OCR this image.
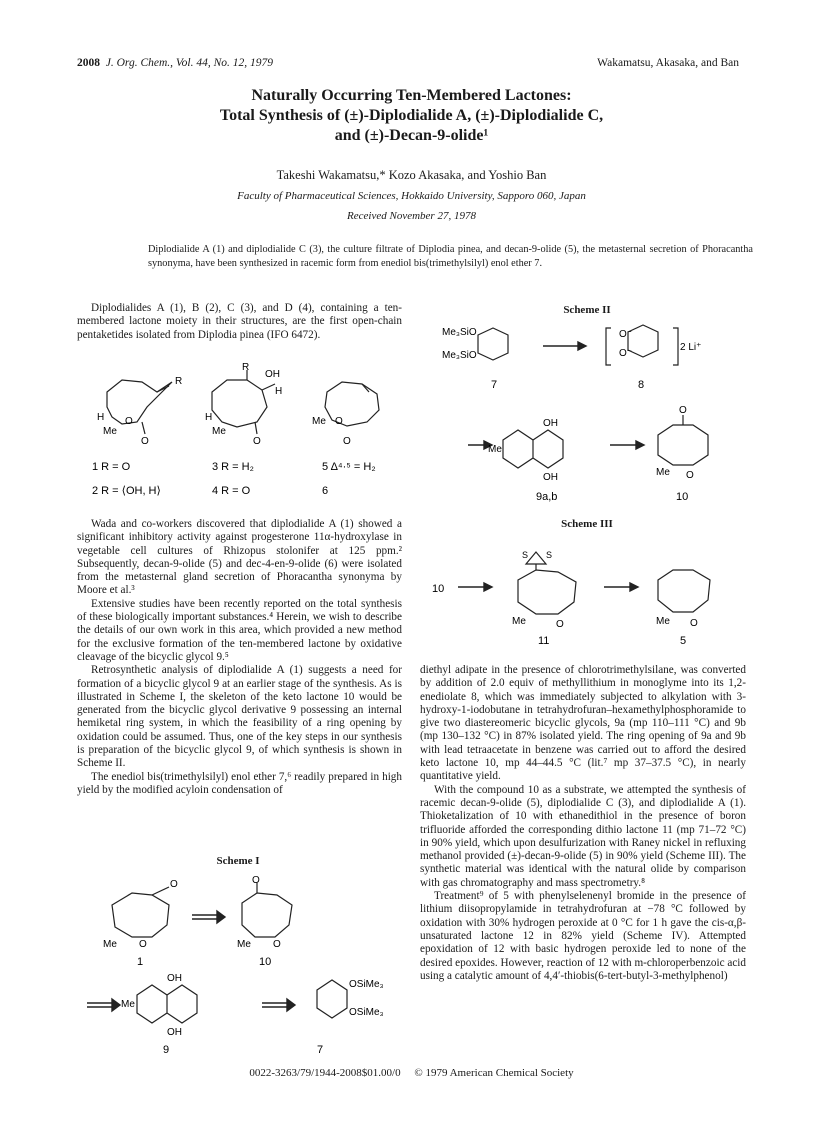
2008 J. Org. Chem., Vol. 44, No. 12, 1979	Wakamatsu, Akasaka, and Ban
Naturally Occurring Ten-Membered Lactones:
Total Synthesis of (±)-Diplodialide A, (±)-Diplodialide C,
and (±)-Decan-9-olide¹
Takeshi Wakamatsu,* Kozo Akasaka, and Yoshio Ban
Faculty of Pharmaceutical Sciences, Hokkaido University, Sapporo 060, Japan
Received November 27, 1978
Diplodialide A (1) and diplodialide C (3), the culture filtrate of Diplodia pinea, and decan-9-olide (5), the metasternal secretion of Phoracantha synonyma, have been synthesized in racemic form from enediol bis(trimethylsilyl) enol ether 7.

Diplodialides A (1), B (2), C (3), and D (4), containing a ten-membered lactone moiety in their structures, are the first open-chain pentaketides isolated from Diplodia pinea (IFO 6472).

R
H
Me
O
O
R
OH
H
H
Me
O
Me O
O
1 R = O
2 R = ⟨OH, H⟩
3 R = H₂
4 R = O
5 Δ⁴·⁵ = H₂
6

Wada and co-workers discovered that diplodialide A (1) showed a significant inhibitory activity against progesterone 11α-hydroxylase in vegetable cell cultures of Rhizopus stolonifer at 125 ppm.² Subsequently, decan-9-olide (5) and dec-4-en-9-olide (6) were isolated from the metasternal gland secretion of Phoracantha synonyma by Moore et al.³

Extensive studies have been recently reported on the total synthesis of these biologically important substances.⁴ Herein, we wish to describe the details of our own work in this area, which provided a new method for the exclusive formation of the ten-membered lactone by oxidative cleavage of the bicyclic glycol 9.⁵

Retrosynthetic analysis of diplodialide A (1) suggests a need for formation of a bicyclic glycol 9 at an earlier stage of the synthesis. As is illustrated in Scheme I, the skeleton of the keto lactone 10 would be generated from the bicyclic glycol derivative 9 possessing an internal hemiketal ring system, in which the feasibility of a ring opening by oxidation could be assumed. Thus, one of the key steps in our synthesis is preparation of the bicyclic glycol 9, of which synthesis is shown in Scheme II.

The enediol bis(trimethylsilyl) enol ether 7,⁶ readily prepared in high yield by the modified acyloin condensation of

Scheme I
O
Me O
O
Me O
OH
Me
OH
OSiMe₃
OSiMe₃
1	10
9	7
Scheme II
Me₃SiO
Me₃SiO
O⁻
O⁻
2 Li⁺
OH
Me
OH
O
Me O
7	8
9a,b	10
Scheme III
S S
Me	O	Me O
10
11	5

diethyl adipate in the presence of chlorotrimethylsilane, was converted by addition of 2.0 equiv of methyllithium in monoglyme into its 1,2-enediolate 8, which was immediately subjected to alkylation with 3-hydroxy-1-iodobutane in tetrahydrofuran–hexamethylphosphoramide to give two diastereomeric bicyclic glycols, 9a (mp 110–111 °C) and 9b (mp 130–132 °C) in 87% isolated yield. The ring opening of 9a and 9b with lead tetraacetate in benzene was carried out to afford the desired keto lactone 10, mp 44–44.5 °C (lit.⁷ mp 37–37.5 °C), in nearly quantitative yield.

With the compound 10 as a substrate, we attempted the synthesis of racemic decan-9-olide (5), diplodialide C (3), and diplodialide A (1). Thioketalization of 10 with ethanedithiol in the presence of boron trifluoride afforded the corresponding dithio lactone 11 (mp 71–72 °C) in 90% yield, which upon desulfurization with Raney nickel in refluxing methanol provided (±)-decan-9-olide (5) in 90% yield (Scheme III). The synthetic material was identical with the natural olide by comparison with gas chromatography and mass spectrometry.⁸

Treatment⁹ of 5 with phenylselenenyl bromide in the presence of lithium diisopropylamide in tetrahydrofuran at −78 °C followed by oxidation with 30% hydrogen peroxide at 0 °C for 1 h gave the cis-α,β-unsaturated lactone 12 in 82% yield (Scheme IV). Attempted epoxidation of 12 with basic hydrogen peroxide led to none of the desired epoxides. However, reaction of 12 with m-chloroperbenzoic acid using a catalytic amount of 4,4′-thiobis(6-tert-butyl-3-methylphenol)

0022-3263/79/1944-2008$01.00/0 © 1979 American Chemical Society
